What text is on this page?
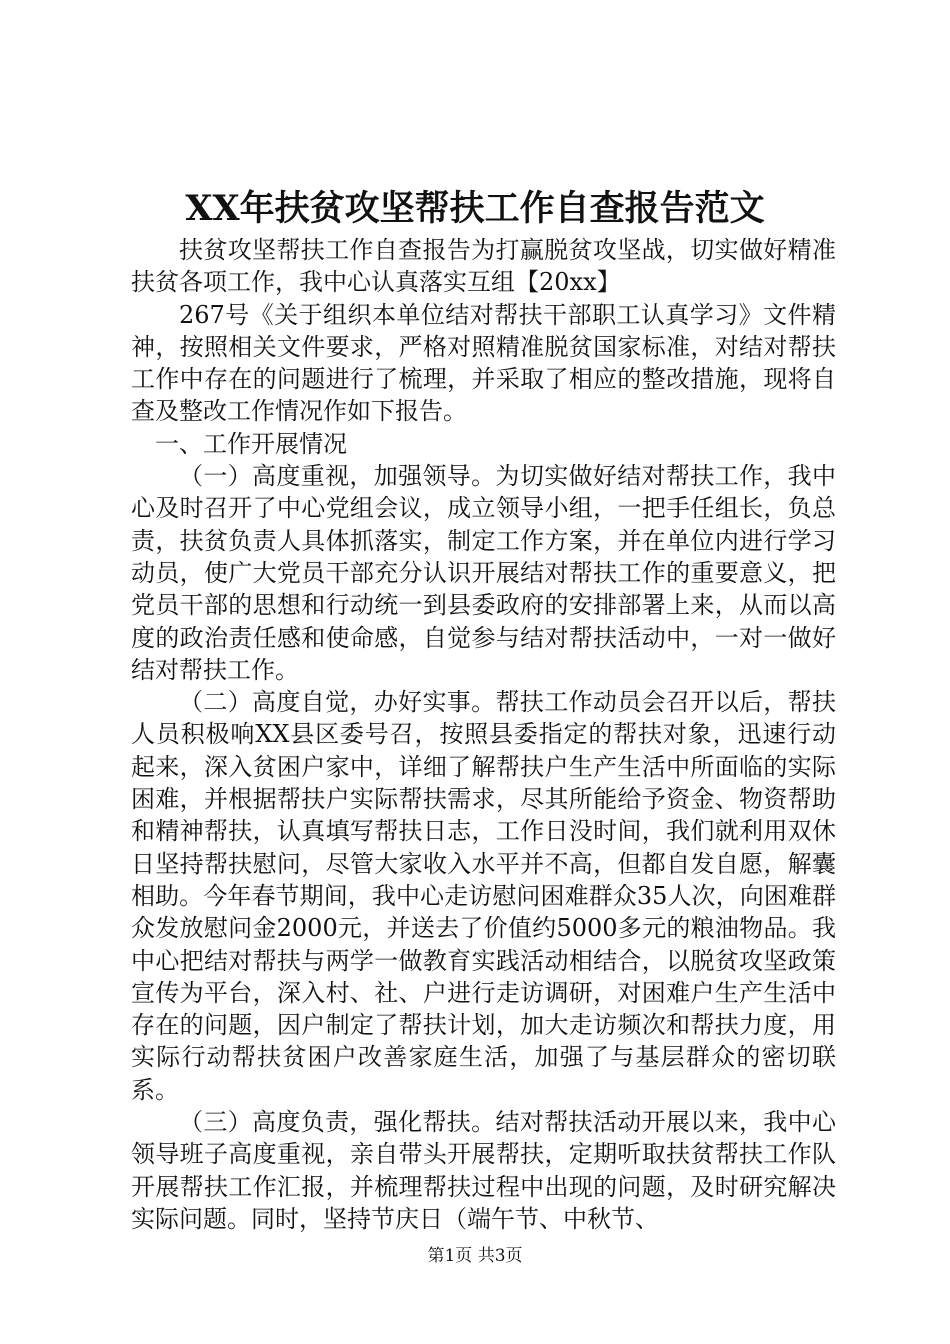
XX年扶贫攻坚帮扶工作自查报告范文

扶贫攻坚帮扶工作自查报告为打赢脱贫攻坚战，切实做好精准扶贫各项工作，我中心认真落实互组【20xx】

267号《关于组织本单位结对帮扶干部职工认真学习》文件精神，按照相关文件要求，严格对照精准脱贫国家标准，对结对帮扶工作中存在的问题进行了梳理，并采取了相应的整改措施，现将自查及整改工作情况作如下报告。

一、工作开展情况

（一）高度重视，加强领导。为切实做好结对帮扶工作，我中心及时召开了中心党组会议，成立领导小组，一把手任组长，负总责，扶贫负责人具体抓落实，制定工作方案，并在单位内进行学习动员，使广大党员干部充分认识开展结对帮扶工作的重要意义，把党员干部的思想和行动统一到县委政府的安排部署上来，从而以高度的政治责任感和使命感，自觉参与结对帮扶活动中，一对一做好结对帮扶工作。

（二）高度自觉，办好实事。帮扶工作动员会召开以后，帮扶人员积极响XX县区委号召，按照县委指定的帮扶对象，迅速行动起来，深入贫困户家中，详细了解帮扶户生产生活中所面临的实际困难，并根据帮扶户实际帮扶需求，尽其所能给予资金、物资帮助和精神帮扶，认真填写帮扶日志，工作日没时间，我们就利用双休日坚持帮扶慰问，尽管大家收入水平并不高，但都自发自愿，解囊相助。今年春节期间，我中心走访慰问困难群众35人次，向困难群众发放慰问金2000元，并送去了价值约5000多元的粮油物品。我中心把结对帮扶与两学一做教育实践活动相结合，以脱贫攻坚政策宣传为平台，深入村、社、户进行走访调研，对困难户生产生活中存在的问题，因户制定了帮扶计划，加大走访频次和帮扶力度，用实际行动帮扶贫困户改善家庭生活，加强了与基层群众的密切联系。

（三）高度负责，强化帮扶。结对帮扶活动开展以来，我中心领导班子高度重视，亲自带头开展帮扶，定期听取扶贫帮扶工作队开展帮扶工作汇报，并梳理帮扶过程中出现的问题，及时研究解决实际问题。同时，坚持节庆日（端午节、中秋节、

第1页 共3页
